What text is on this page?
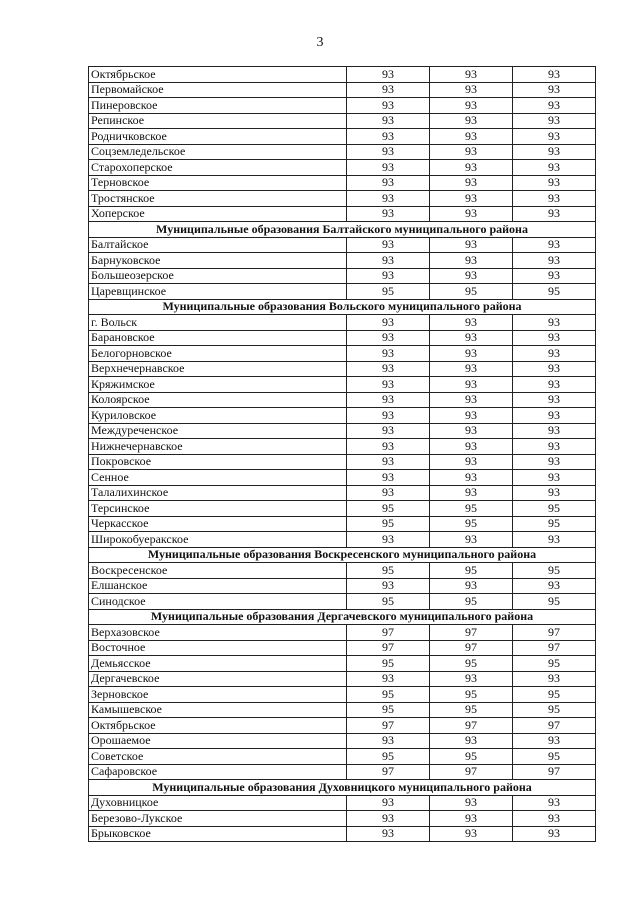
3
Октябрьское	93	93	93
Первомайское	93	93	93
Пинеровское	93	93	93
Репинское	93	93	93
Родничковское	93	93	93
Соцземледельское	93	93	93
Старохоперское	93	93	93
Терновское	93	93	93
Тростянское	93	93	93
Хоперское	93	93	93
Муниципальные образования Балтайского муниципального района			
Балтайское	93	93	93
Барнуковское	93	93	93
Большеозерское	93	93	93
Царевщинское	95	95	95
Муниципальные образования Вольского муниципального района			
г. Вольск	93	93	93
Барановское	93	93	93
Белогорновское	93	93	93
Верхнечернавское	93	93	93
Кряжимское	93	93	93
Колоярское	93	93	93
Куриловское	93	93	93
Междуреченское	93	93	93
Нижнечернавское	93	93	93
Покровское	93	93	93
Сенное	93	93	93
Талалихинское	93	93	93
Терсинское	95	95	95
Черкасское	95	95	95
Широкобуеракское	93	93	93
Муниципальные образования Воскресенского муниципального района			
Воскресенское	95	95	95
Елшанское	93	93	93
Синодское	95	95	95
Муниципальные образования Дергачевского муниципального района			
Верхазовское	97	97	97
Восточное	97	97	97
Демьясское	95	95	95
Дергачевское	93	93	93
Зерновское	95	95	95
Камышевское	95	95	95
Октябрьское	97	97	97
Орошаемое	93	93	93
Советское	95	95	95
Сафаровское	97	97	97
Муниципальные образования Духовницкого муниципального района			
Духовницкое	93	93	93
Березово-Лукское	93	93	93
Брыковское	93	93	93
